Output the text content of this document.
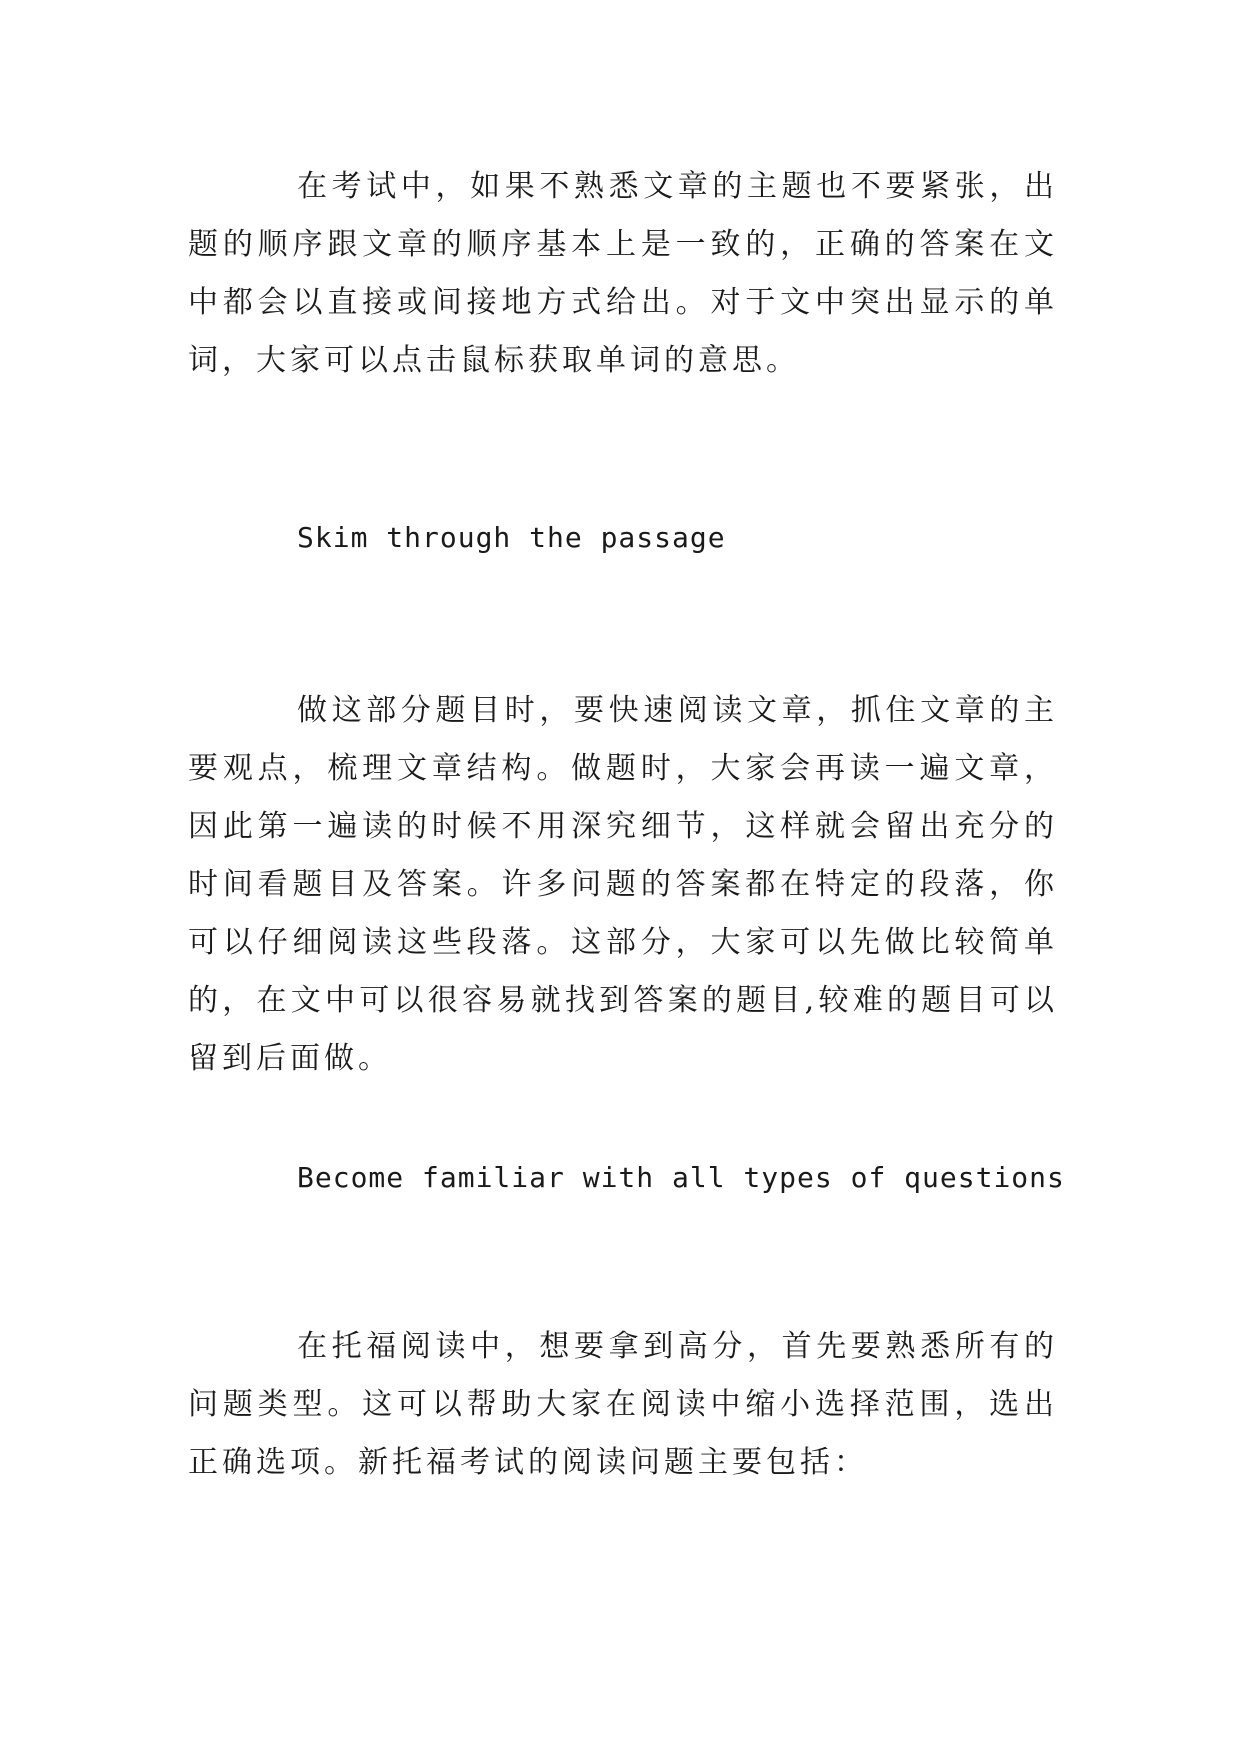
在考试中，如果不熟悉文章的主题也不要紧张，出题的顺序跟文章的顺序基本上是一致的，正确的答案在文中都会以直接或间接地方式给出。对于文中突出显示的单词，大家可以点击鼠标获取单词的意思。

Skim through the passage

做这部分题目时，要快速阅读文章，抓住文章的主要观点，梳理文章结构。做题时，大家会再读一遍文章，因此第一遍读的时候不用深究细节，这样就会留出充分的时间看题目及答案。许多问题的答案都在特定的段落，你可以仔细阅读这些段落。这部分，大家可以先做比较简单的，在文中可以很容易就找到答案的题目,较难的题目可以留到后面做。

Become familiar with all types of questions

在托福阅读中，想要拿到高分，首先要熟悉所有的问题类型。这可以帮助大家在阅读中缩小选择范围，选出正确选项。新托福考试的阅读问题主要包括：
